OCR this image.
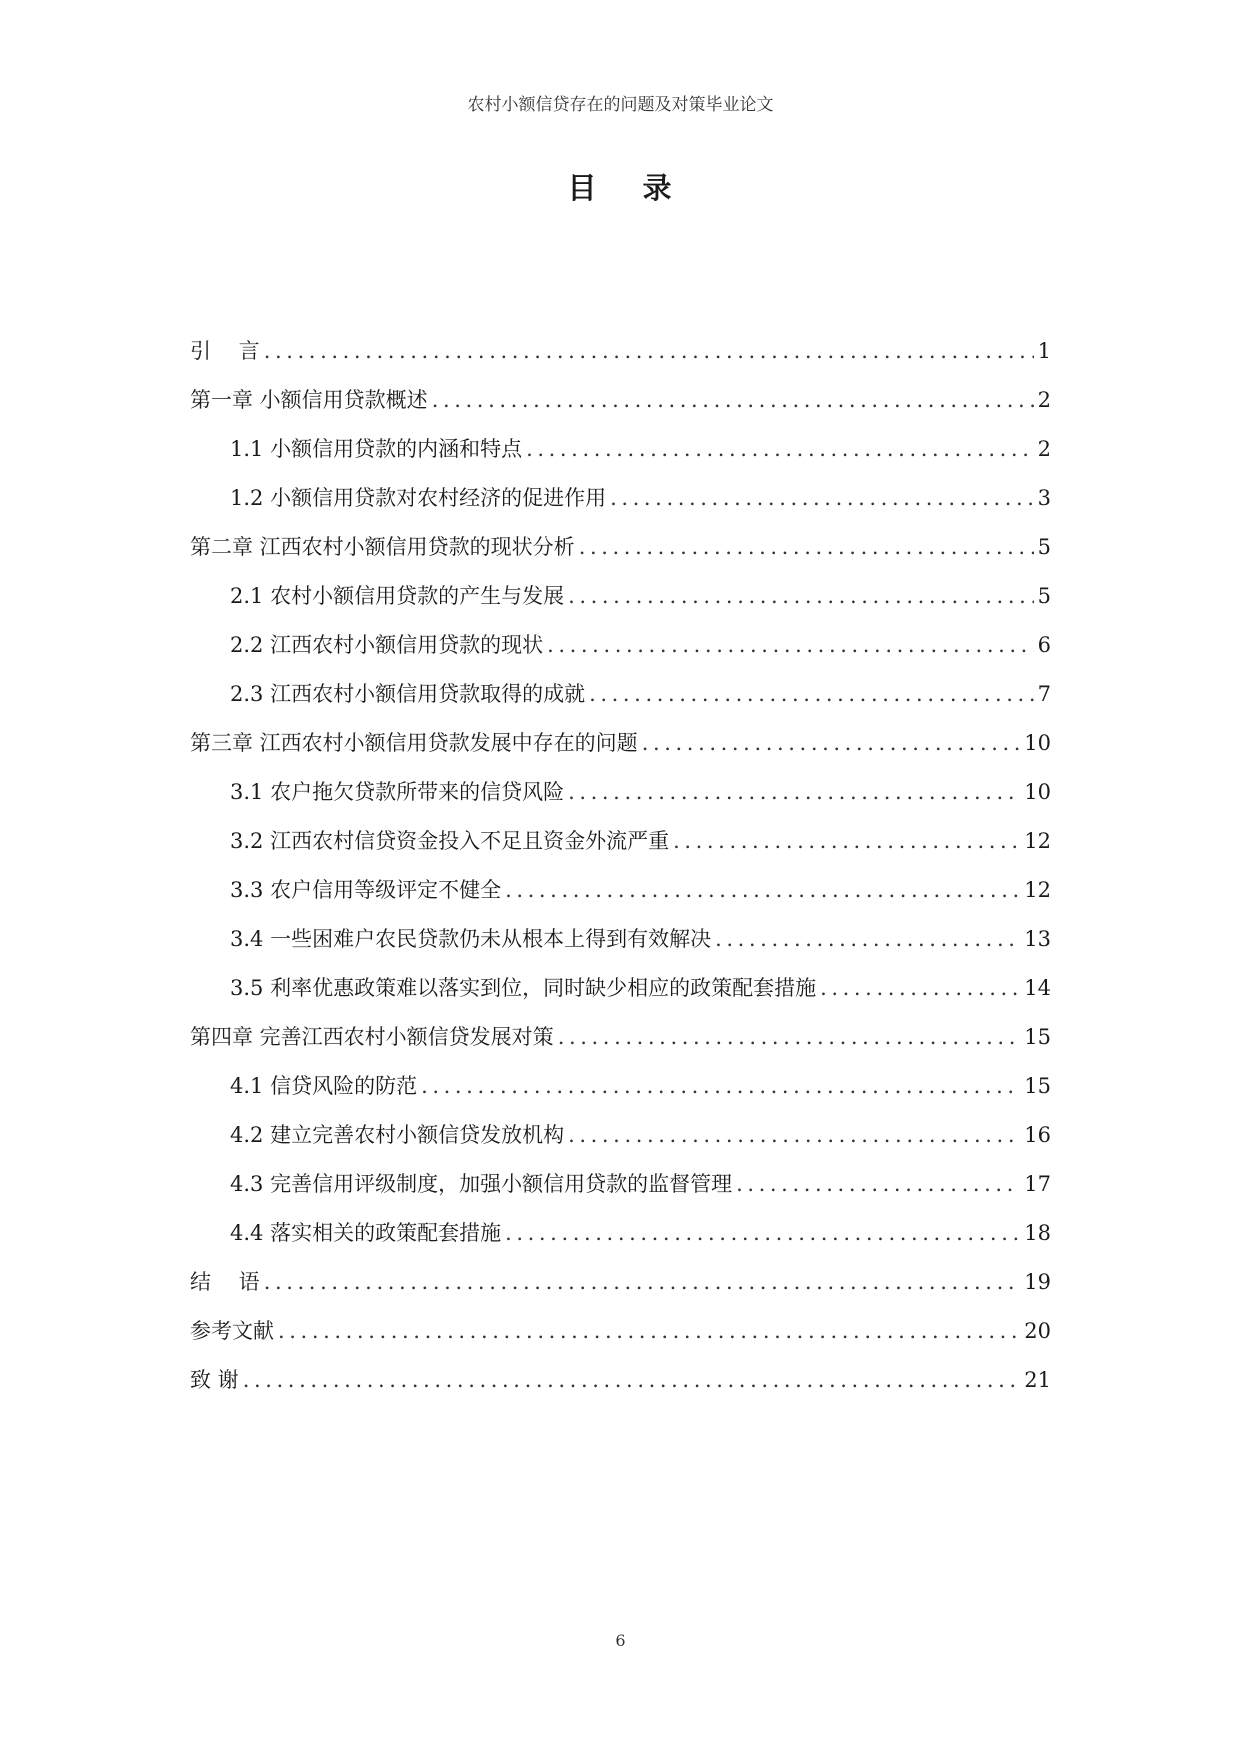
农村小额信贷存在的问题及对策毕业论文
目 录
引　 言 .....	1
第一章 小额信用贷款概述 .....	2
1.1 小额信用贷款的内涵和特点 .....	2
1.2 小额信用贷款对农村经济的促进作用 .....	3
第二章 江西农村小额信用贷款的现状分析 .....	5
2.1 农村小额信用贷款的产生与发展 .....	5
2.2 江西农村小额信用贷款的现状 .....	6
2.3 江西农村小额信用贷款取得的成就 .....	7
第三章 江西农村小额信用贷款发展中存在的问题 .....	10
3.1 农户拖欠贷款所带来的信贷风险 .....	10
3.2 江西农村信贷资金投入不足且资金外流严重 .....	12
3.3 农户信用等级评定不健全 .....	12
3.4 一些困难户农民贷款仍未从根本上得到有效解决 .....	13
3.5 利率优惠政策难以落实到位，同时缺少相应的政策配套措施 .....	14
第四章 完善江西农村小额信贷发展对策 .....	15
4.1 信贷风险的防范 .....	15
4.2 建立完善农村小额信贷发放机构 .....	16
4.3 完善信用评级制度，加强小额信用贷款的监督管理 .....	17
4.4 落实相关的政策配套措施 .....	18
结　 语 .....	19
参考文献 .....	20
致 谢 .....	21
6
